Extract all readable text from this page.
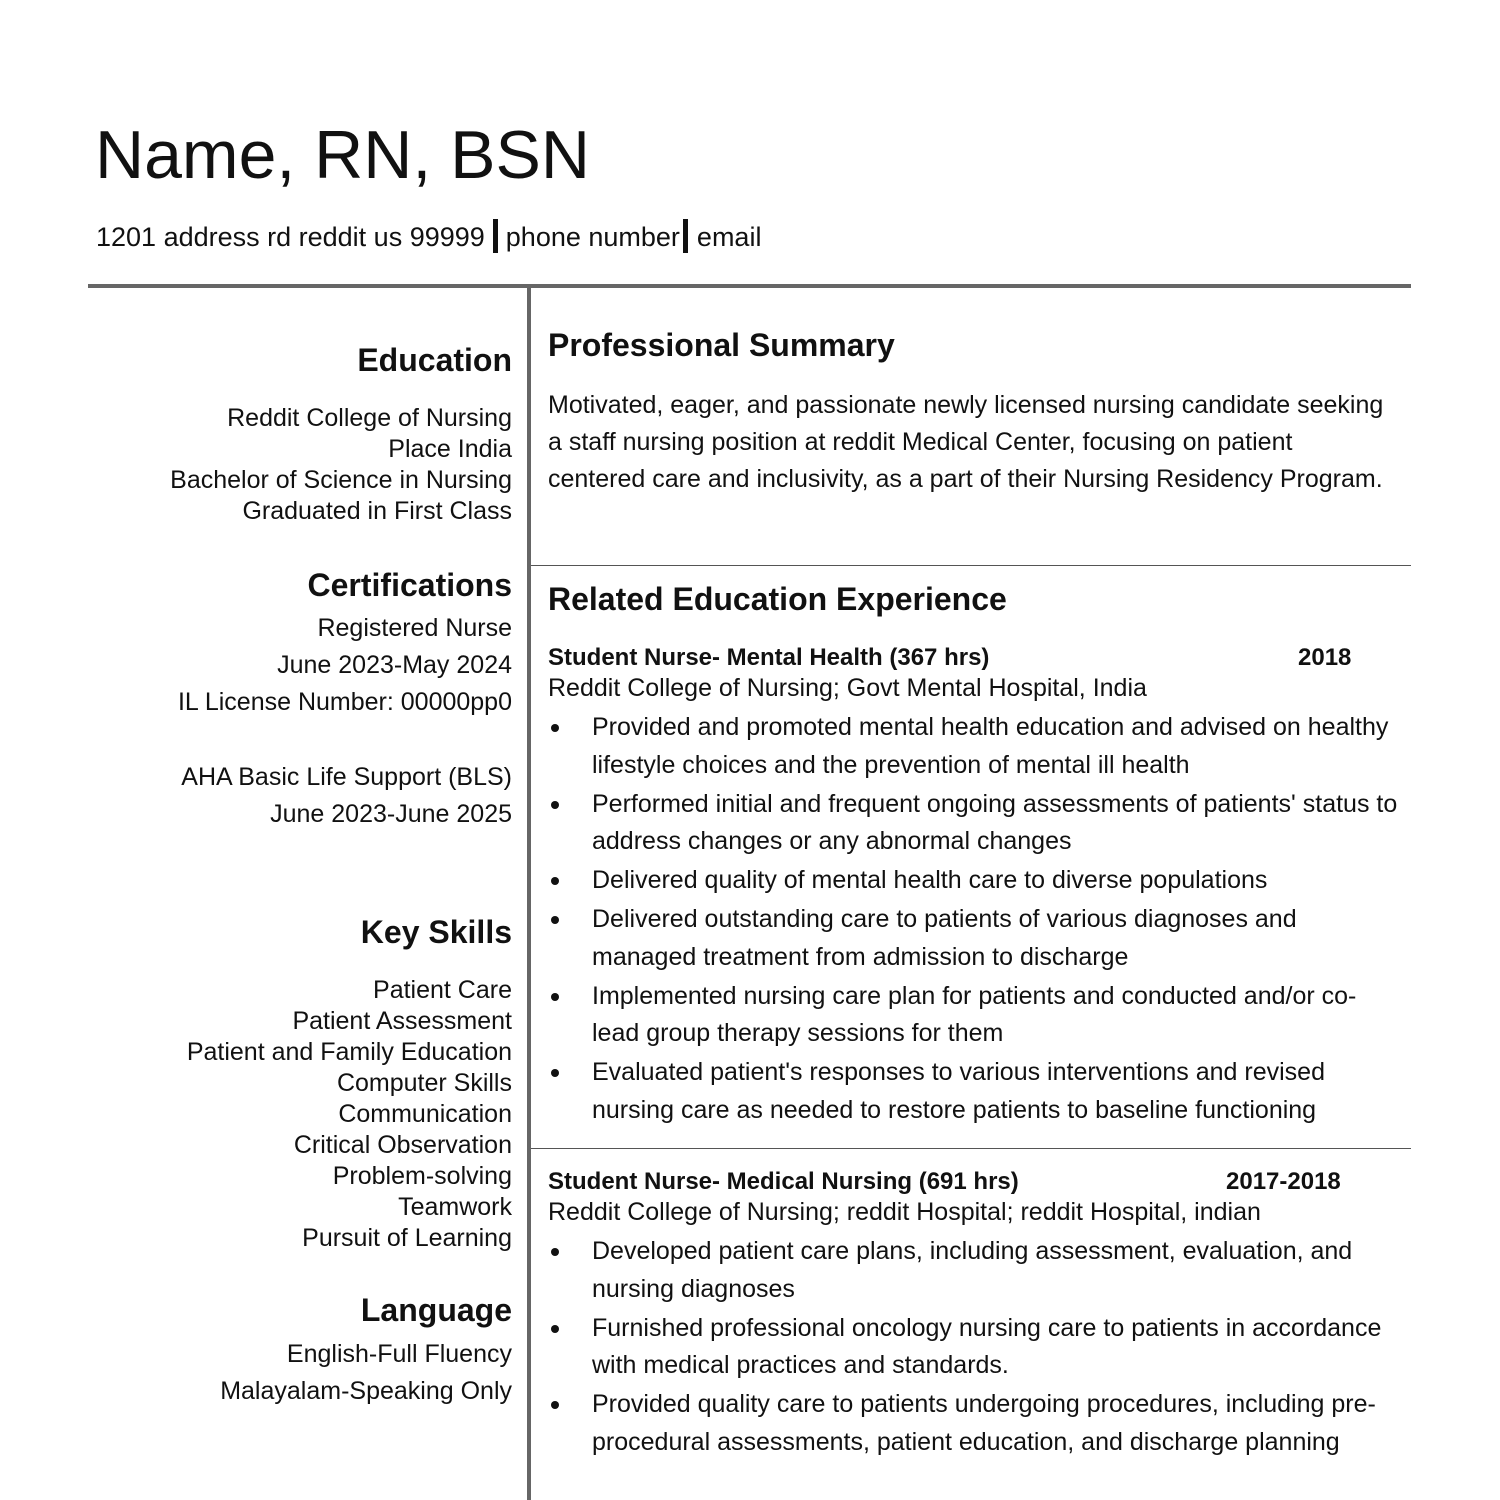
Name, RN, BSN
1201 address rd reddit us 99999 phone number email
Education
Reddit College of Nursing
Place India
Bachelor of Science in Nursing
Graduated in First Class
Certifications
Registered Nurse
June 2023-May 2024
IL License Number: 00000pp0
AHA Basic Life Support (BLS)
June 2023-June 2025
Key Skills
Patient Care
Patient Assessment
Patient and Family Education
Computer Skills
Communication
Critical Observation
Problem-solving
Teamwork
Pursuit of Learning
Language
English-Full Fluency
Malayalam-Speaking Only
Professional Summary

Motivated, eager, and passionate newly licensed nursing candidate seeking a staff nursing position at reddit Medical Center, focusing on patient centered care and inclusivity, as a part of their Nursing Residency Program.

Related Education Experience
Student Nurse- Mental Health (367 hrs)	2018
Reddit College of Nursing; Govt Mental Hospital, India
Provided and promoted mental health education and advised on healthy lifestyle choices and the prevention of mental ill health
Performed initial and frequent ongoing assessments of patients' status to address changes or any abnormal changes
Delivered quality of mental health care to diverse populations
Delivered outstanding care to patients of various diagnoses and managed treatment from admission to discharge
Implemented nursing care plan for patients and conducted and/or co-lead group therapy sessions for them
Evaluated patient's responses to various interventions and revised nursing care as needed to restore patients to baseline functioning
Student Nurse- Medical Nursing (691 hrs)	2017-2018
Reddit College of Nursing; reddit Hospital; reddit Hospital, indian
Developed patient care plans, including assessment, evaluation, and nursing diagnoses
Furnished professional oncology nursing care to patients in accordance with medical practices and standards.
Provided quality care to patients undergoing procedures, including pre-procedural assessments, patient education, and discharge planning
